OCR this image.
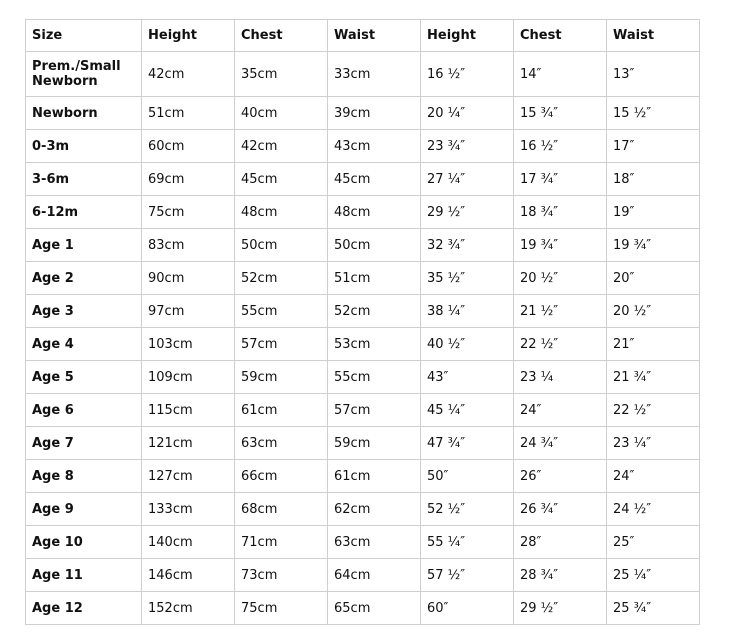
Size	Height	Chest	Waist	Height	Chest	Waist
Prem./Small Newborn	42cm	35cm	33cm	16 ½″	14″	13″
Newborn	51cm	40cm	39cm	20 ¼″	15 ¾″	15 ½″
0-3m	60cm	42cm	43cm	23 ¾″	16 ½″	17″
3-6m	69cm	45cm	45cm	27 ¼″	17 ¾″	18″
6-12m	75cm	48cm	48cm	29 ½″	18 ¾″	19″
Age 1	83cm	50cm	50cm	32 ¾″	19 ¾″	19 ¾″
Age 2	90cm	52cm	51cm	35 ½″	20 ½″	20″
Age 3	97cm	55cm	52cm	38 ¼″	21 ½″	20 ½″
Age 4	103cm	57cm	53cm	40 ½″	22 ½″	21″
Age 5	109cm	59cm	55cm	43″	23 ¼	21 ¾″
Age 6	115cm	61cm	57cm	45 ¼″	24″	22 ½″
Age 7	121cm	63cm	59cm	47 ¾″	24 ¾″	23 ¼″
Age 8	127cm	66cm	61cm	50″	26″	24″
Age 9	133cm	68cm	62cm	52 ½″	26 ¾″	24 ½″
Age 10	140cm	71cm	63cm	55 ¼″	28″	25″
Age 11	146cm	73cm	64cm	57 ½″	28 ¾″	25 ¼″
Age 12	152cm	75cm	65cm	60″	29 ½″	25 ¾″
